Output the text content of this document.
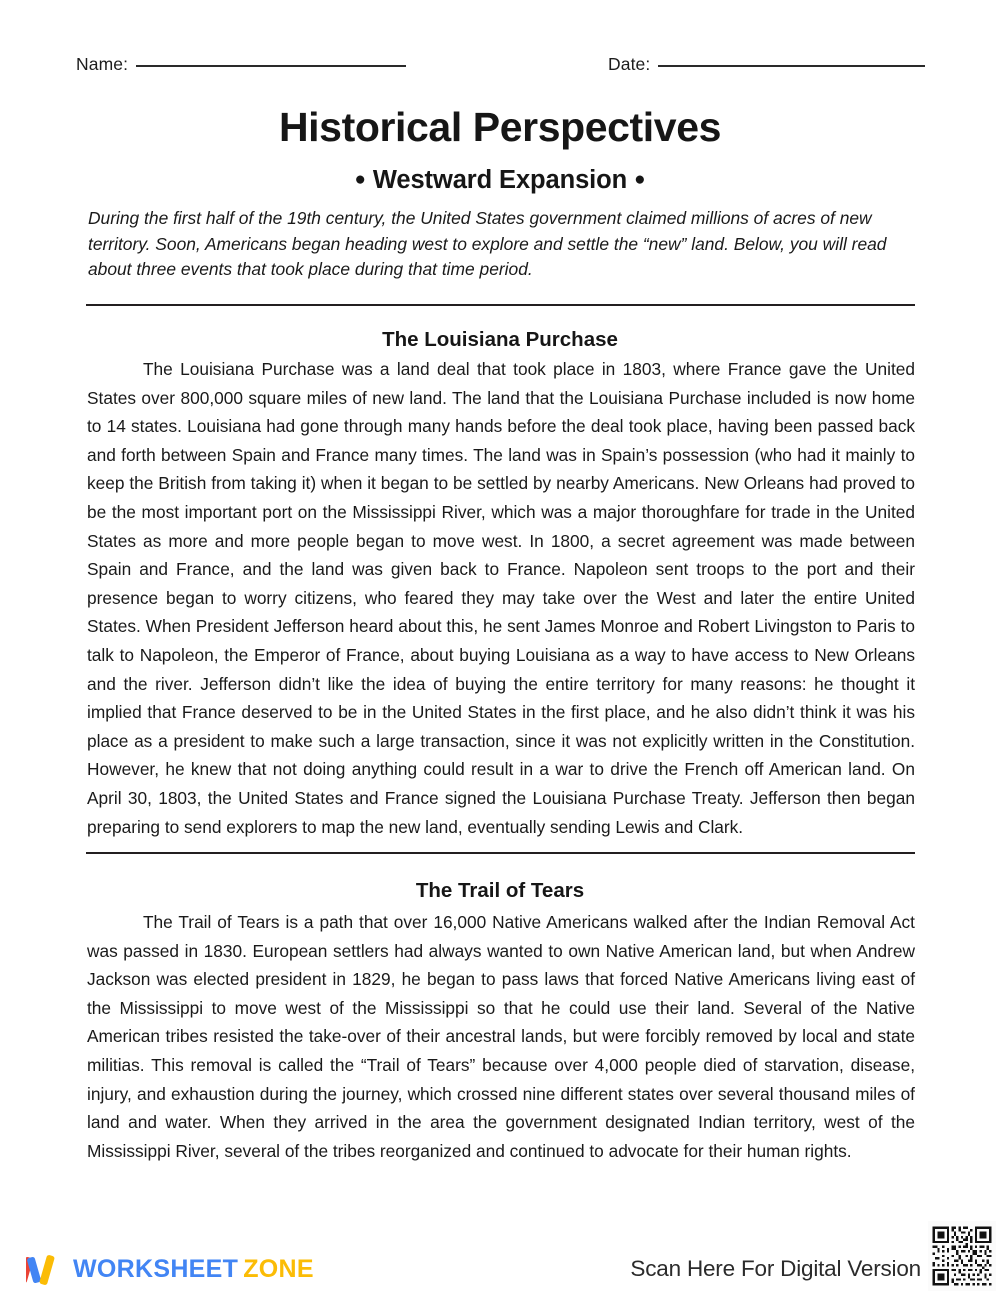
Name:	Date:
Historical Perspectives
● Westward Expansion ●
During the first half of the 19th century, the United States government claimed millions of acres of new territory. Soon, Americans began heading west to explore and settle the “new” land. Below, you will read about three events that took place during that time period.
The Louisiana Purchase
The Louisiana Purchase was a land deal that took place in 1803, where France gave the United States over 800,000 square miles of new land. The land that the Louisiana Purchase included is now home to 14 states. Louisiana had gone through many hands before the deal took place, having been passed back and forth between Spain and France many times. The land was in Spain’s possession (who had it mainly to keep the British from taking it) when it began to be settled by nearby Americans. New Orleans had proved to be the most important port on the Mississippi River, which was a major thoroughfare for trade in the United States as more and more people began to move west. In 1800, a secret agreement was made between Spain and France, and the land was given back to France. Napoleon sent troops to the port and their presence began to worry citizens, who feared they may take over the West and later the entire United States. When President Jefferson heard about this, he sent James Monroe and Robert Livingston to Paris to talk to Napoleon, the Emperor of France, about buying Louisiana as a way to have access to New Orleans and the river. Jefferson didn’t like the idea of buying the entire territory for many reasons: he thought it implied that France deserved to be in the United States in the first place, and he also didn’t think it was his place as a president to make such a large transaction, since it was not explicitly written in the Constitution. However, he knew that not doing anything could result in a war to drive the French off American land. On April 30, 1803, the United States and France signed the Louisiana Purchase Treaty. Jefferson then began preparing to send explorers to map the new land, eventually sending Lewis and Clark.
The Trail of Tears
The Trail of Tears is a path that over 16,000 Native Americans walked after the Indian Removal Act was passed in 1830. European settlers had always wanted to own Native American land, but when Andrew Jackson was elected president in 1829, he began to pass laws that forced Native Americans living east of the Mississippi to move west of the Mississippi so that he could use their land. Several of the Native American tribes resisted the take-over of their ancestral lands, but were forcibly removed by local and state militias. This removal is called the “Trail of Tears” because over 4,000 people died of starvation, disease, injury, and exhaustion during the journey, which crossed nine different states over several thousand miles of land and water. When they arrived in the area the government designated Indian territory, west of the Mississippi River, several of the tribes reorganized and continued to advocate for their human rights.
WORKSHEET ZONE	Scan Here For Digital Version
